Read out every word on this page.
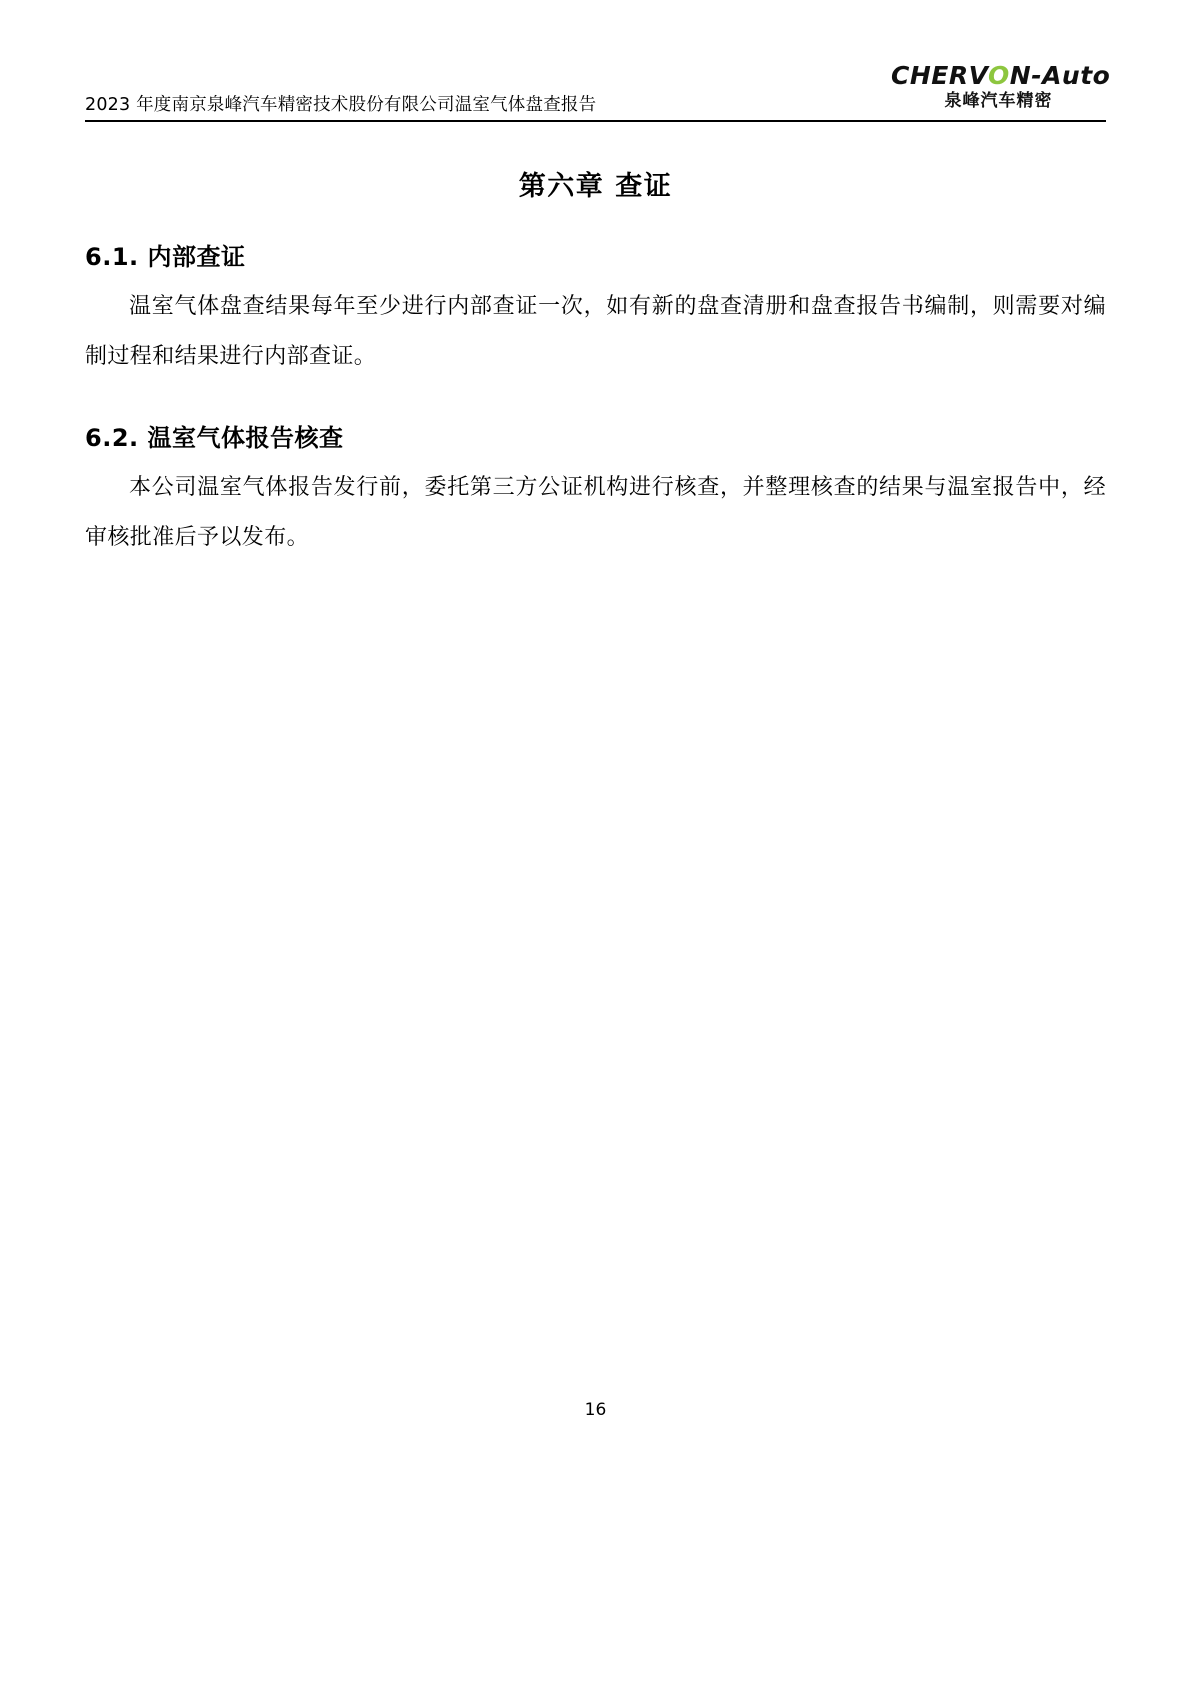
2023 年度南京泉峰汽车精密技术股份有限公司温室气体盘查报告
CHERVON-Auto
泉峰汽车精密
第六章 查证
6.1. 内部查证

温室气体盘查结果每年至少进行内部查证一次，如有新的盘查清册和盘查报告书编制，则需要对编制过程和结果进行内部查证。

6.2. 温室气体报告核查

本公司温室气体报告发行前，委托第三方公证机构进行核查，并整理核查的结果与温室报告中，经审核批准后予以发布。

16
